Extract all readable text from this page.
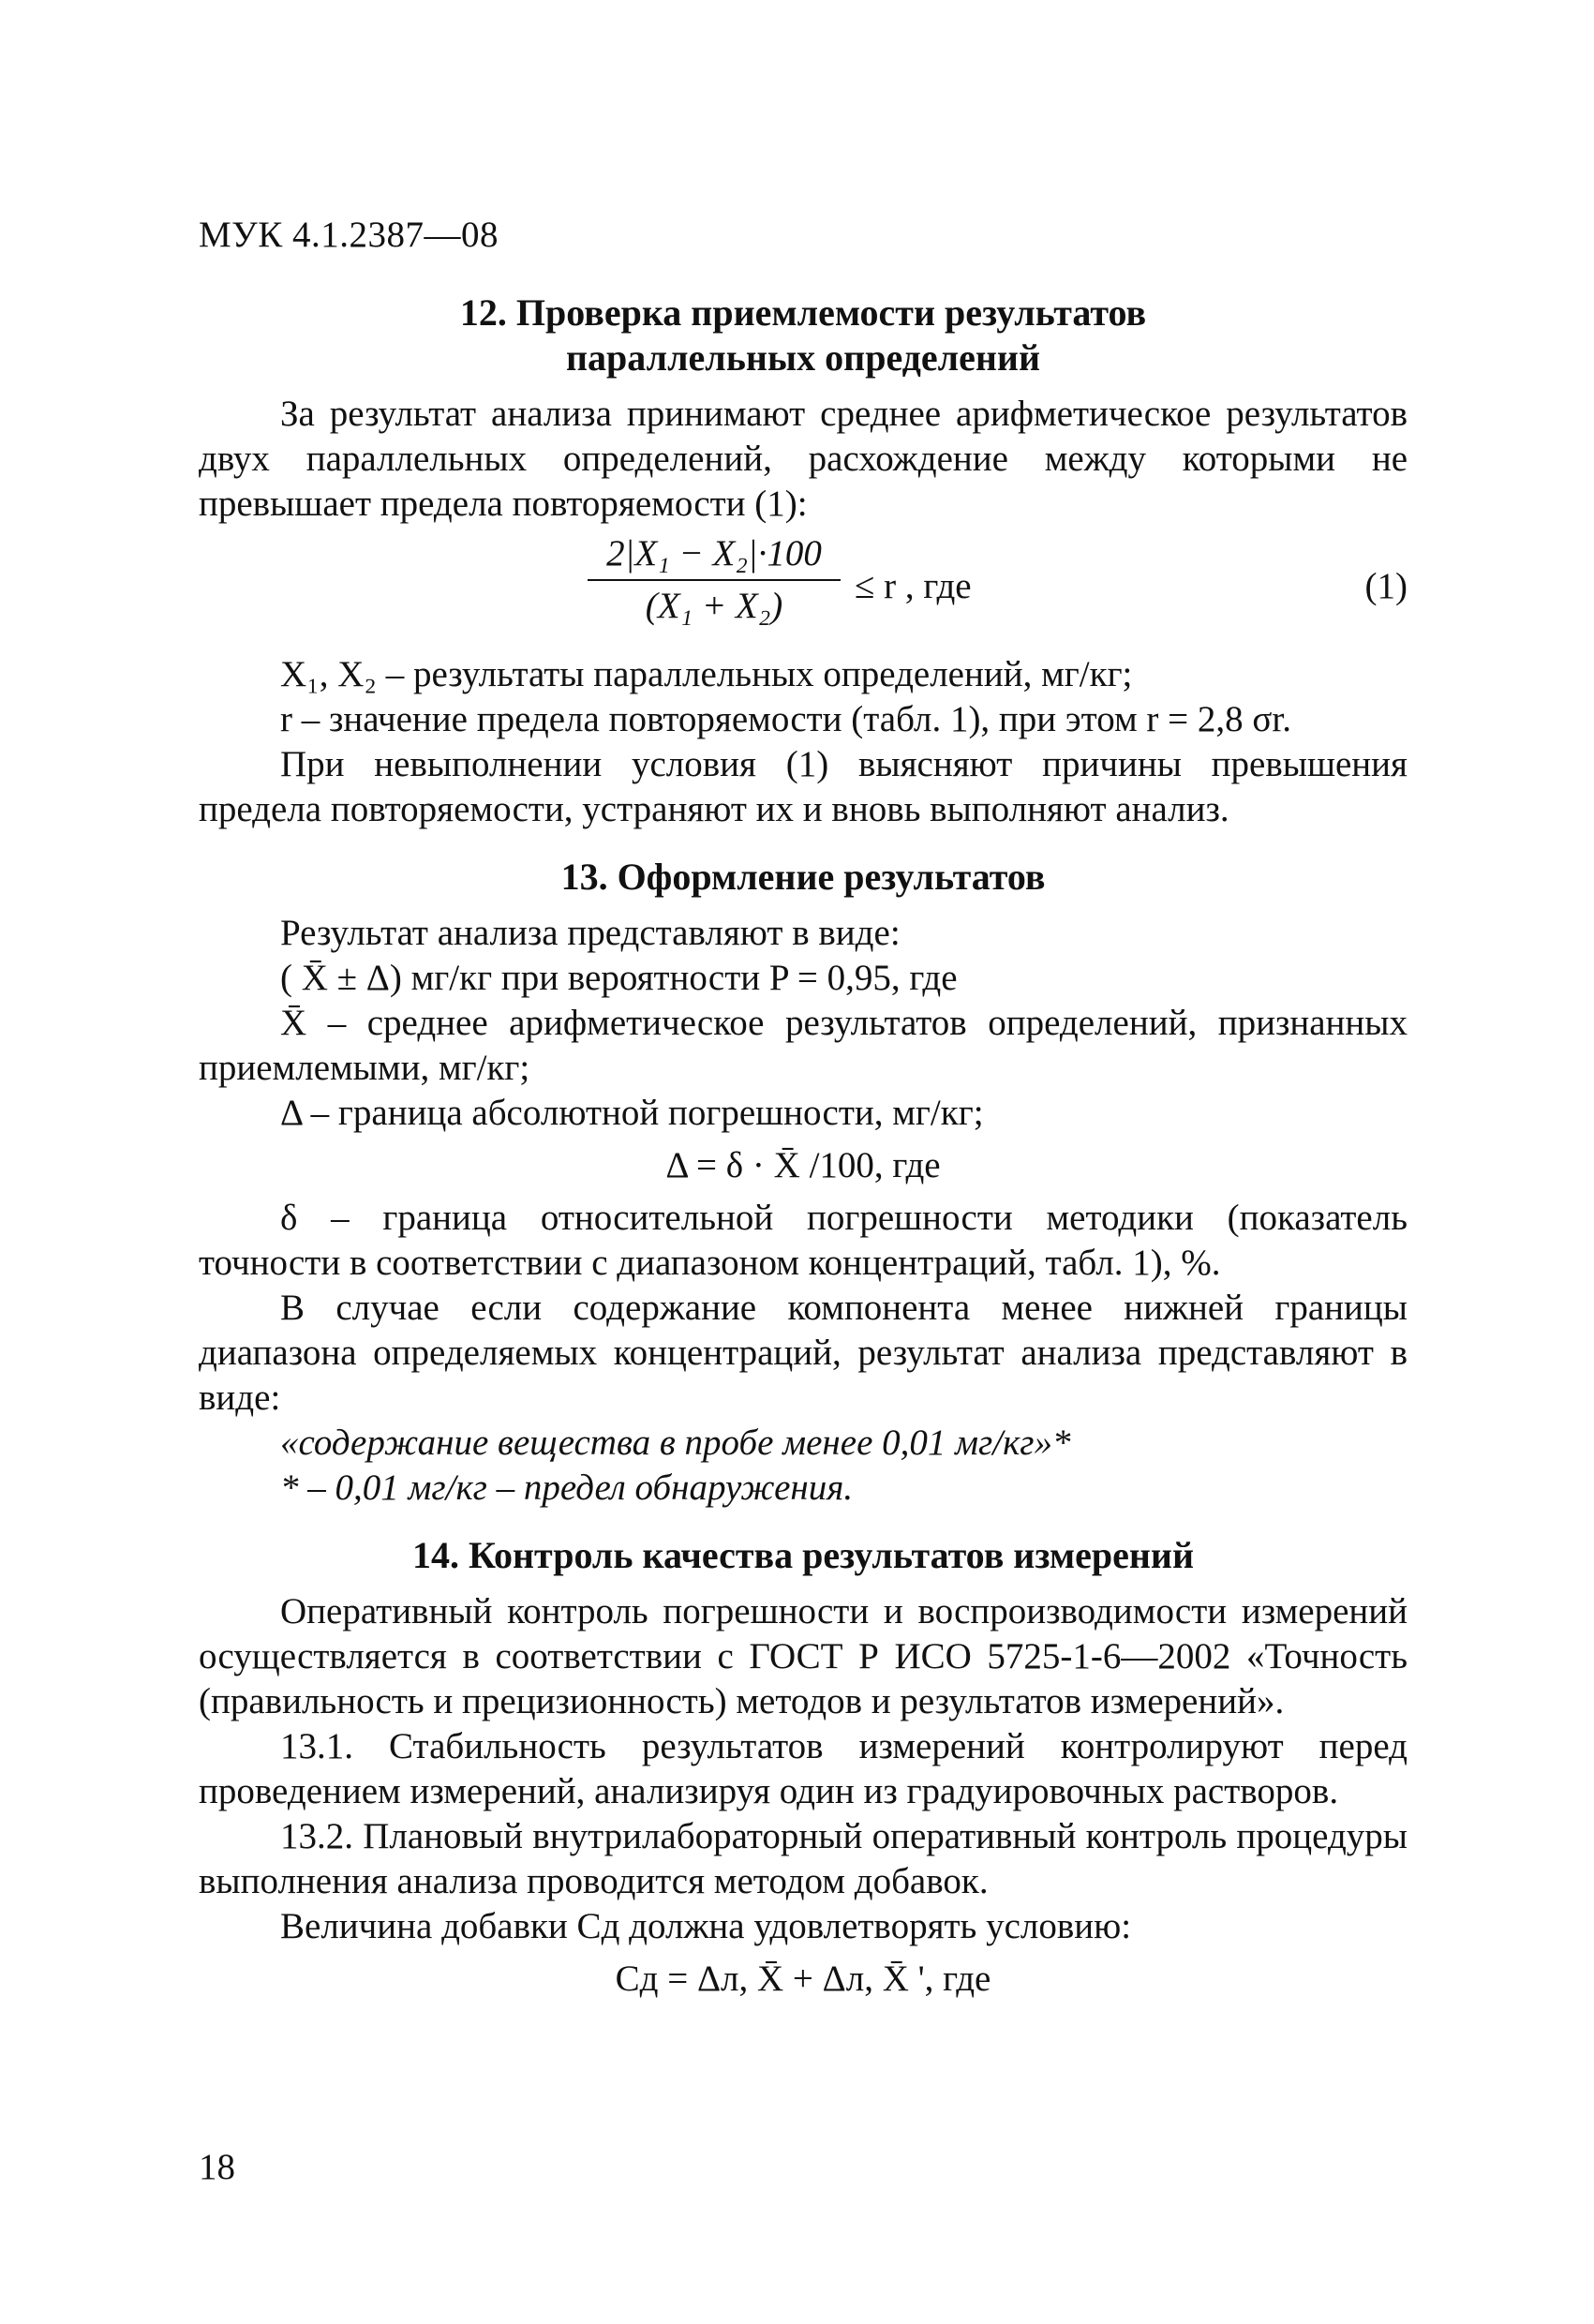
МУК 4.1.2387—08
12. Проверка приемлемости результатов
параллельных определений

За результат анализа принимают среднее арифметическое результатов двух параллельных определений, расхождение между которыми не превышает предела повторяемости (1):

$\frac{\text{2|X₁ − X₂|·100}}{\text{(X₁ + X₂)}} \le r$ , где	(1)

X₁, X₂ – результаты параллельных определений, мг/кг;

r – значение предела повторяемости (табл. 1), при этом r = 2,8 σr.

При невыполнении условия (1) выясняют причины превышения предела повторяемости, устраняют их и вновь выполняют анализ.

13. Оформление результатов

Результат анализа представляют в виде:

( X̄ ± Δ) мг/кг при вероятности P = 0,95, где

X̄ – среднее арифметическое результатов определений, признанных приемлемыми, мг/кг;

Δ – граница абсолютной погрешности, мг/кг;

Δ = δ · X̄ /100, где

δ – граница относительной погрешности методики (показатель точности в соответствии с диапазоном концентраций, табл. 1), %.

В случае если содержание компонента менее нижней границы диапазона определяемых концентраций, результат анализа представляют в виде:

«содержание вещества в пробе менее 0,01 мг/кг»*

* – 0,01 мг/кг – предел обнаружения.

14. Контроль качества результатов измерений

Оперативный контроль погрешности и воспроизводимости измерений осуществляется в соответствии с ГОСТ Р ИСО 5725-1-6—2002 «Точность (правильность и прецизионность) методов и результатов измерений».

13.1. Стабильность результатов измерений контролируют перед проведением измерений, анализируя один из градуировочных растворов.

13.2. Плановый внутрилабораторный оперативный контроль процедуры выполнения анализа проводится методом добавок.

Величина добавки Cд должна удовлетворять условию:

Cд = Δл, X̄ + Δл, X̄ ', где

18
